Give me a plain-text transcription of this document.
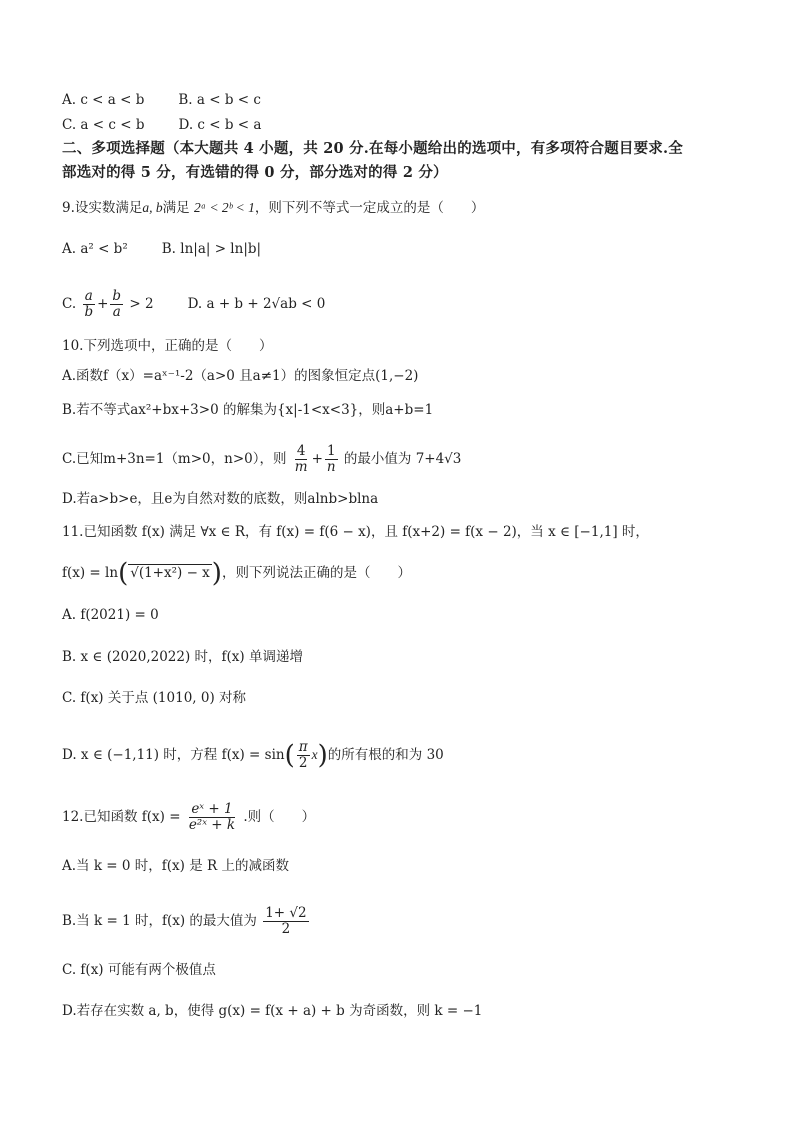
A. c < a < b	B. a < b < c
C. a < c < b	D. c < b < a
二、多项选择题（本大题共 4 小题，共 20 分.在每小题给出的选项中，有多项符合题目要求.全
部选对的得 5 分，有选错的得 0 分，部分选对的得 2 分）
9.设实数满足a, b满足 2ᵃ < 2ᵇ < 1，则下列不等式一定成立的是（　　）
A. a² < b²	B. ln|a| > ln|b|
C. $\frac{a}{b} + \frac{b}{a} > 2$	D. a + b + 2√ab < 0
10.下列选项中，正确的是（　　）
A.函数f（x）=aˣ⁻¹-2（a>0 且a≠1）的图象恒定点(1,−2)
B.若不等式ax²+bx+3>0 的解集为{x|-1<x<3}，则a+b=1
C.已知m+3n=1（m>0，n>0），则 $\frac{4}{m} + \frac{1}{n}$ 的最小值为 7+4√3
D.若a>b>e，且e为自然对数的底数，则alnb>blna
11.已知函数 f(x) 满足 ∀x ∈ R，有 f(x) = f(6 − x)，且 f(x+2) = f(x − 2)，当 x ∈ [−1,1] 时，
f(x) = ln( √(1+x²) − x)，则下列说法正确的是（　　）
A. f(2021) = 0
B. x ∈ (2020,2022) 时，f(x) 单调递增
C. f(x) 关于点 (1010, 0) 对称
D. x ∈ (−1,11) 时，方程 $f(x) = \sin( \frac{\pi}{2} x)$的所有根的和为 30
12.已知函数 $f(x) = \frac{\text{eˣ + 1}}{\text{e²ˣ + k}}$ .则（　　）
A.当 k = 0 时，f(x) 是 R 上的减函数
B.当 k = 1 时，f(x) 的最大值为 $\frac{1+ √2}{2}$
C. f(x) 可能有两个极值点
D.若存在实数 a, b，使得 g(x) = f(x + a) + b 为奇函数，则 k = −1
